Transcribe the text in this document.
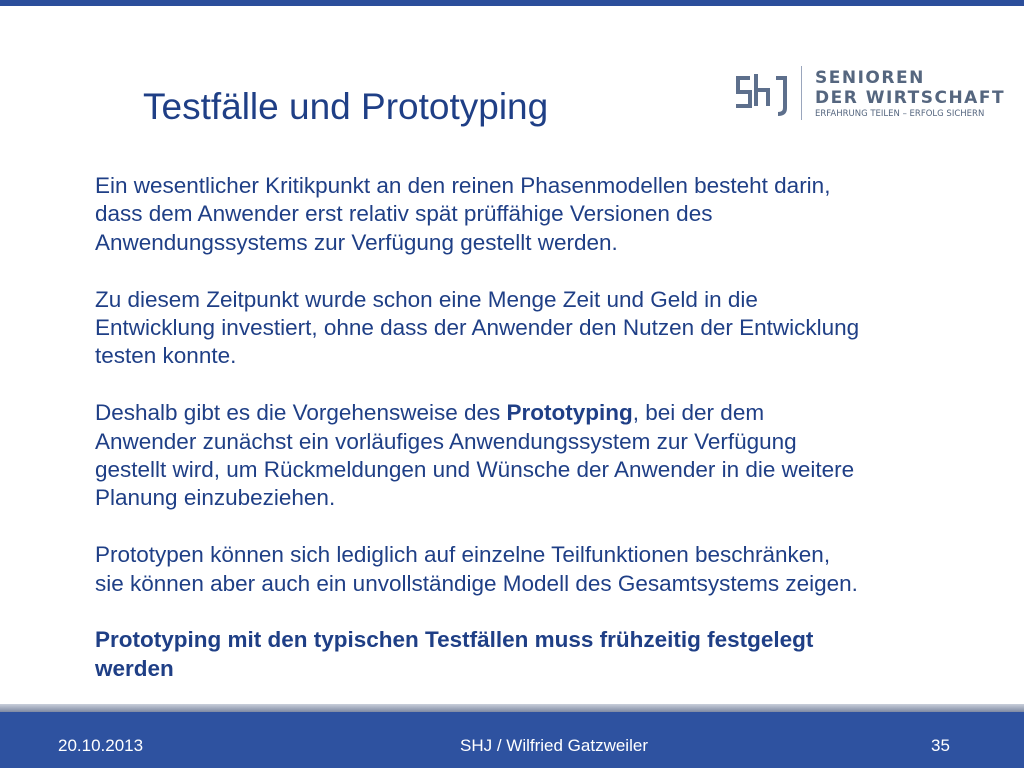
Testfälle und Prototyping
SENIOREN
DER WIRTSCHAFT
ERFAHRUNG TEILEN – ERFOLG SICHERN

Ein wesentlicher Kritikpunkt an den reinen Phasenmodellen besteht darin,
dass dem Anwender erst relativ spät prüffähige Versionen des
Anwendungssystems zur Verfügung gestellt werden.

Zu diesem Zeitpunkt wurde schon eine Menge Zeit und Geld in die
Entwicklung investiert, ohne dass der Anwender den Nutzen der Entwicklung
testen konnte.

Deshalb gibt es die Vorgehensweise des Prototyping, bei der dem
Anwender zunächst ein vorläufiges Anwendungssystem zur Verfügung
gestellt wird, um Rückmeldungen und Wünsche der Anwender in die weitere
Planung einzubeziehen.

Prototypen können sich lediglich auf einzelne Teilfunktionen beschränken,
sie können aber auch ein unvollständige Modell des Gesamtsystems zeigen.

Prototyping mit den typischen Testfällen muss frühzeitig festgelegt
werden

20.10.2013	SHJ / Wilfried Gatzweiler	35
